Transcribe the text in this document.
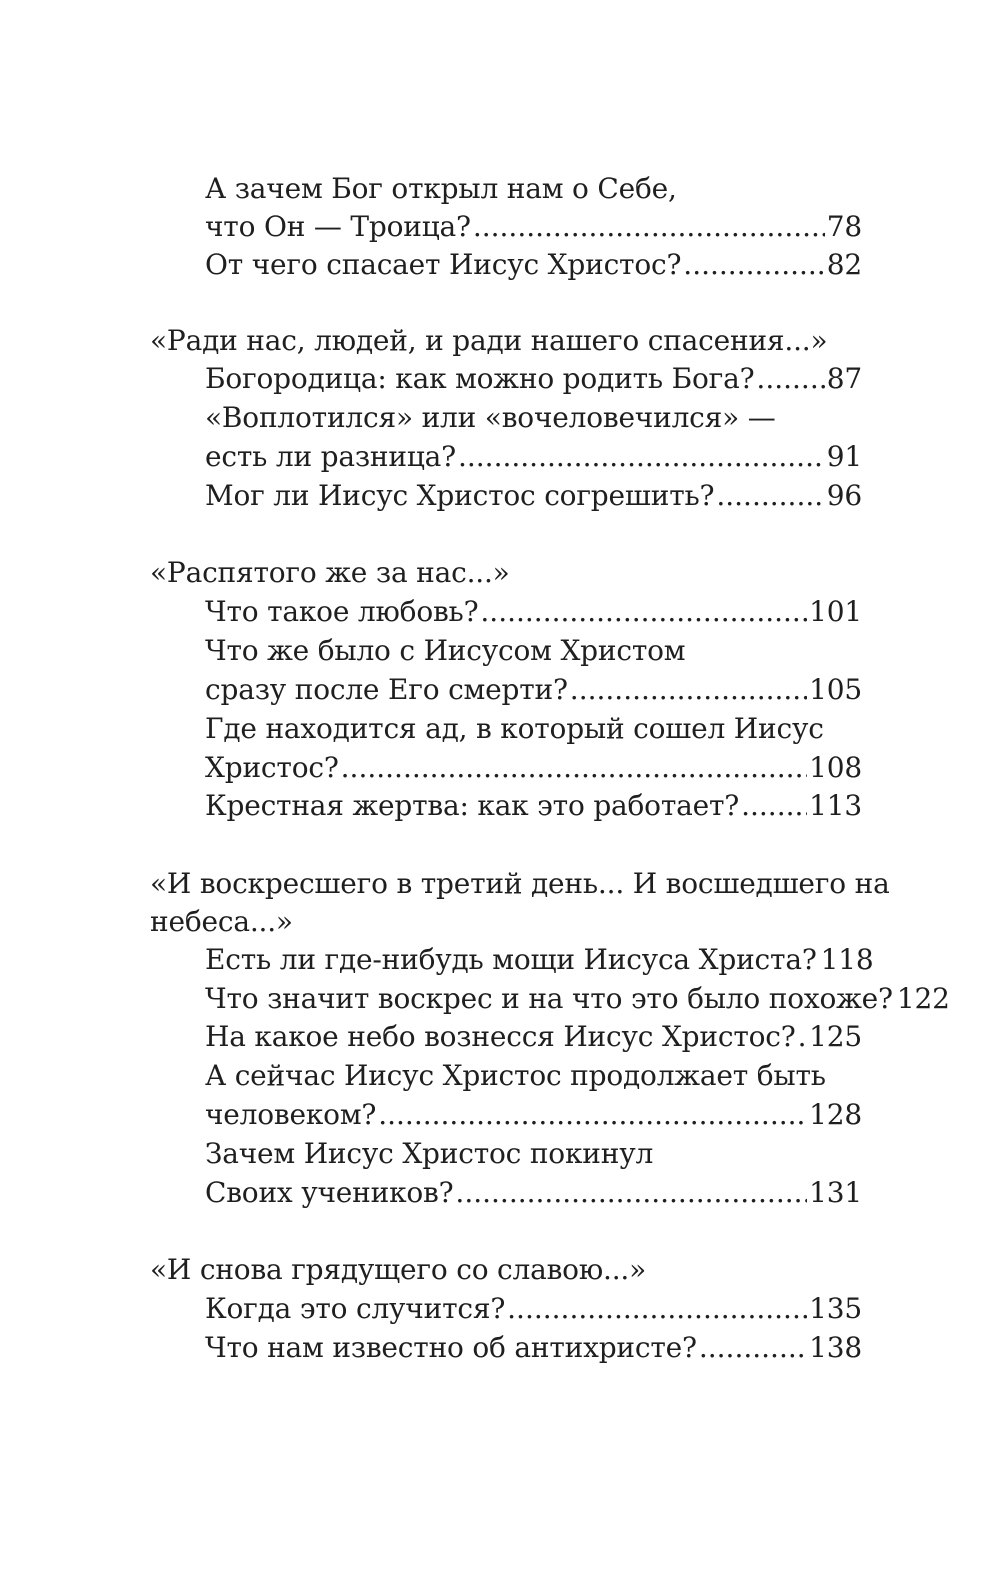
А зачем Бог открыл нам о Себе,
что Он — Троица? .....	78
От чего спасает Иисус Христос? .....	82
«Ради нас, людей, и ради нашего спасения...»
Богородица: как можно родить Бога? .....	87
«Воплотился» или «вочеловечился» —
есть ли разница? .....	91
Мог ли Иисус Христос согрешить? .....	96
«Распятого же за нас...»
Что такое любовь? .....	101
Что же было с Иисусом Христом
сразу после Его смерти? .....	105
Где находится ад, в который сошел Иисус
Христос? .....	108
Крестная жертва: как это работает? .....	113
«И воскресшего в третий день... И восшедшего на
небеса...»
Есть ли где-нибудь мощи Иисуса Христа? 118
Что значит воскрес и на что это было похоже? 122
На какое небо вознесся Иисус Христос? ..... 125
А сейчас Иисус Христос продолжает быть
человеком? .....	128
Зачем Иисус Христос покинул
Своих учеников? .....	131
«И снова грядущего со славою...»
Когда это случится? .....	135
Что нам известно об антихристе? .....	138
